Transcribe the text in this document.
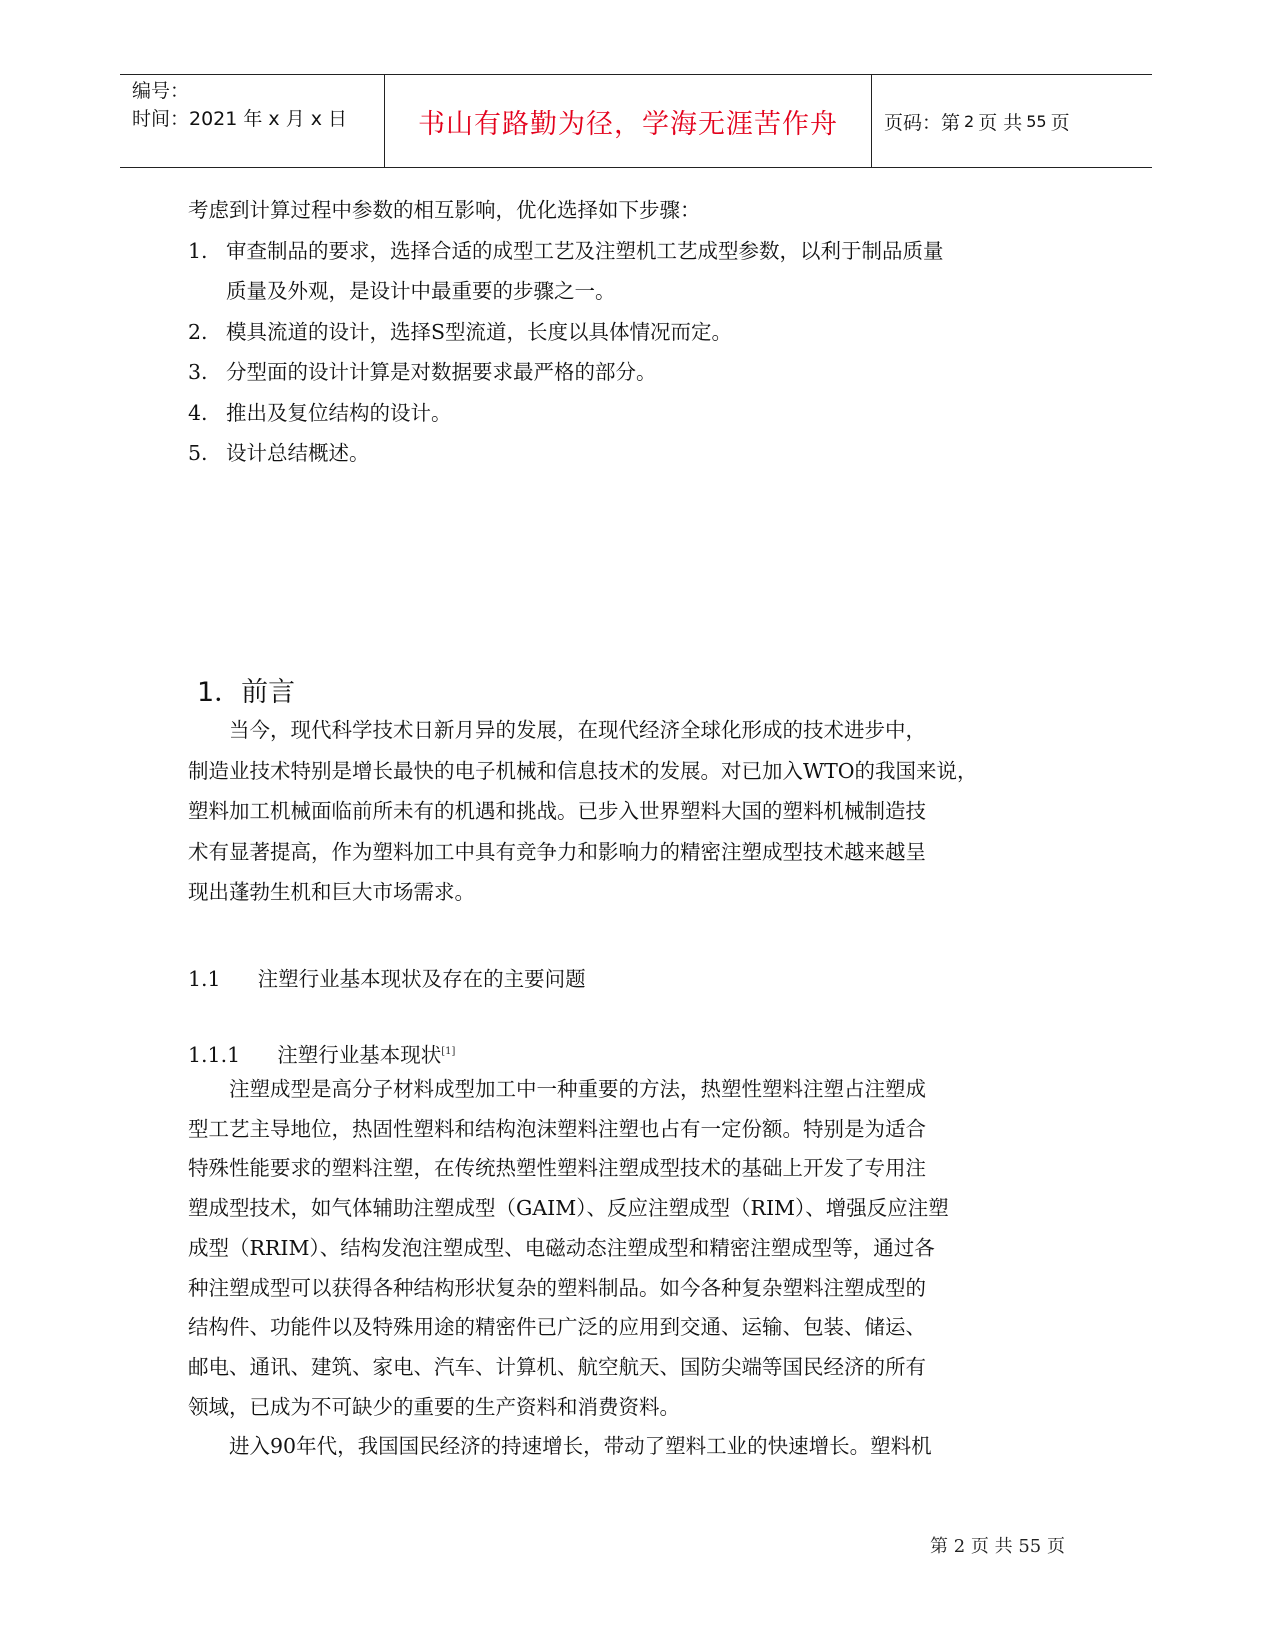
编号：
时间：2021 年 x 月 x 日	书山有路勤为径，学海无涯苦作舟	页码：第 2 页 共 55 页

考虑到计算过程中参数的相互影响，优化选择如下步骤：

1. 审查制品的要求，选择合适的成型工艺及注塑机工艺成型参数，以利于制品质量
质量及外观，是设计中最重要的步骤之一。
2. 模具流道的设计，选择S型流道，长度以具体情况而定。
3. 分型面的设计计算是对数据要求最严格的部分。
4. 推出及复位结构的设计。
5. 设计总结概述。
1．前言
当今，现代科学技术日新月异的发展，在现代经济全球化形成的技术进步中，
制造业技术特别是增长最快的电子机械和信息技术的发展。对已加入WTO的我国来说，
塑料加工机械面临前所未有的机遇和挑战。已步入世界塑料大国的塑料机械制造技
术有显著提高，作为塑料加工中具有竞争力和影响力的精密注塑成型技术越来越呈
现出蓬勃生机和巨大市场需求。
1.1 注塑行业基本现状及存在的主要问题
1.1.1 注塑行业基本现状[1]
注塑成型是高分子材料成型加工中一种重要的方法，热塑性塑料注塑占注塑成
型工艺主导地位，热固性塑料和结构泡沫塑料注塑也占有一定份额。特别是为适合
特殊性能要求的塑料注塑，在传统热塑性塑料注塑成型技术的基础上开发了专用注
塑成型技术，如气体辅助注塑成型（GAIM）、反应注塑成型（RIM）、增强反应注塑
成型（RRIM）、结构发泡注塑成型、电磁动态注塑成型和精密注塑成型等，通过各
种注塑成型可以获得各种结构形状复杂的塑料制品。如今各种复杂塑料注塑成型的
结构件、功能件以及特殊用途的精密件已广泛的应用到交通、运输、包装、储运、
邮电、通讯、建筑、家电、汽车、计算机、航空航天、国防尖端等国民经济的所有
领域，已成为不可缺少的重要的生产资料和消费资料。
进入90年代，我国国民经济的持速增长，带动了塑料工业的快速增长。塑料机
第 2 页 共 55 页
